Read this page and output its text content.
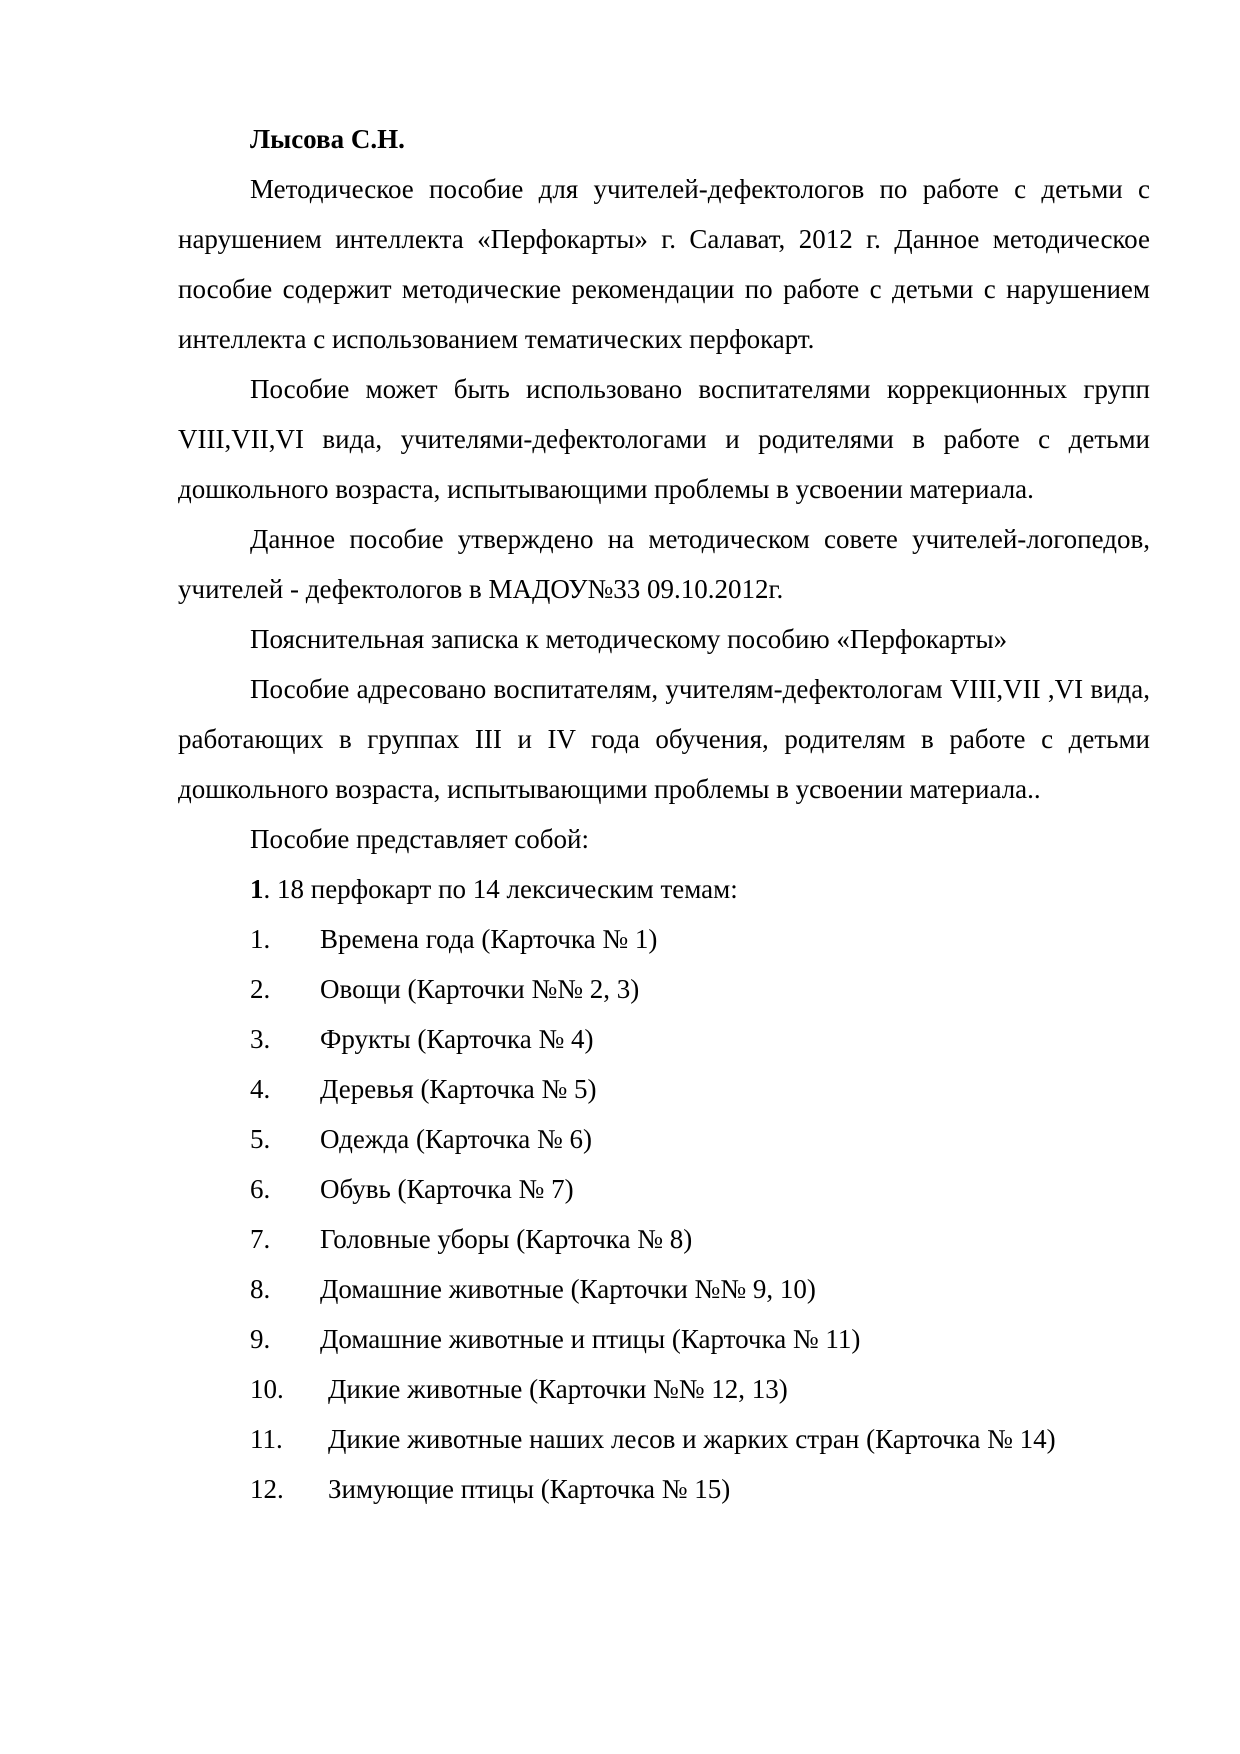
Лысова С.Н.

Методическое пособие для учителей-дефектологов по работе с детьми с нарушением интеллекта «Перфокарты» г. Салават, 2012 г. Данное методическое пособие содержит методические рекомендации по работе с детьми с нарушением интеллекта с использованием тематических перфокарт.

Пособие может быть использовано воспитателями коррекционных групп VIII,VII,VI вида, учителями-дефектологами и родителями в работе с детьми дошкольного возраста, испытывающими проблемы в усвоении материала.

Данное пособие утверждено на методическом совете учителей-логопедов, учителей - дефектологов в МАДОУ№33 09.10.2012г.

Пояснительная записка к методическому пособию «Перфокарты»

Пособие адресовано воспитателям, учителям-дефектологам VIII,VII ,VI вида, работающих в группах III и IV года обучения, родителям в работе с детьми дошкольного возраста, испытывающими проблемы в усвоении материала..

Пособие представляет собой:

1. 18 перфокарт по 14 лексическим темам:

1. Времена года (Карточка № 1)
2. Овощи (Карточки №№ 2, 3)
3. Фрукты (Карточка № 4)
4. Деревья (Карточка № 5)
5. Одежда (Карточка № 6)
6. Обувь (Карточка № 7)
7. Головные уборы (Карточка № 8)
8. Домашние животные (Карточки №№ 9, 10)
9. Домашние животные и птицы (Карточка № 11)
10. Дикие животные (Карточки №№ 12, 13)
11. Дикие животные наших лесов и жарких стран (Карточка № 14)
12. Зимующие птицы (Карточка № 15)
